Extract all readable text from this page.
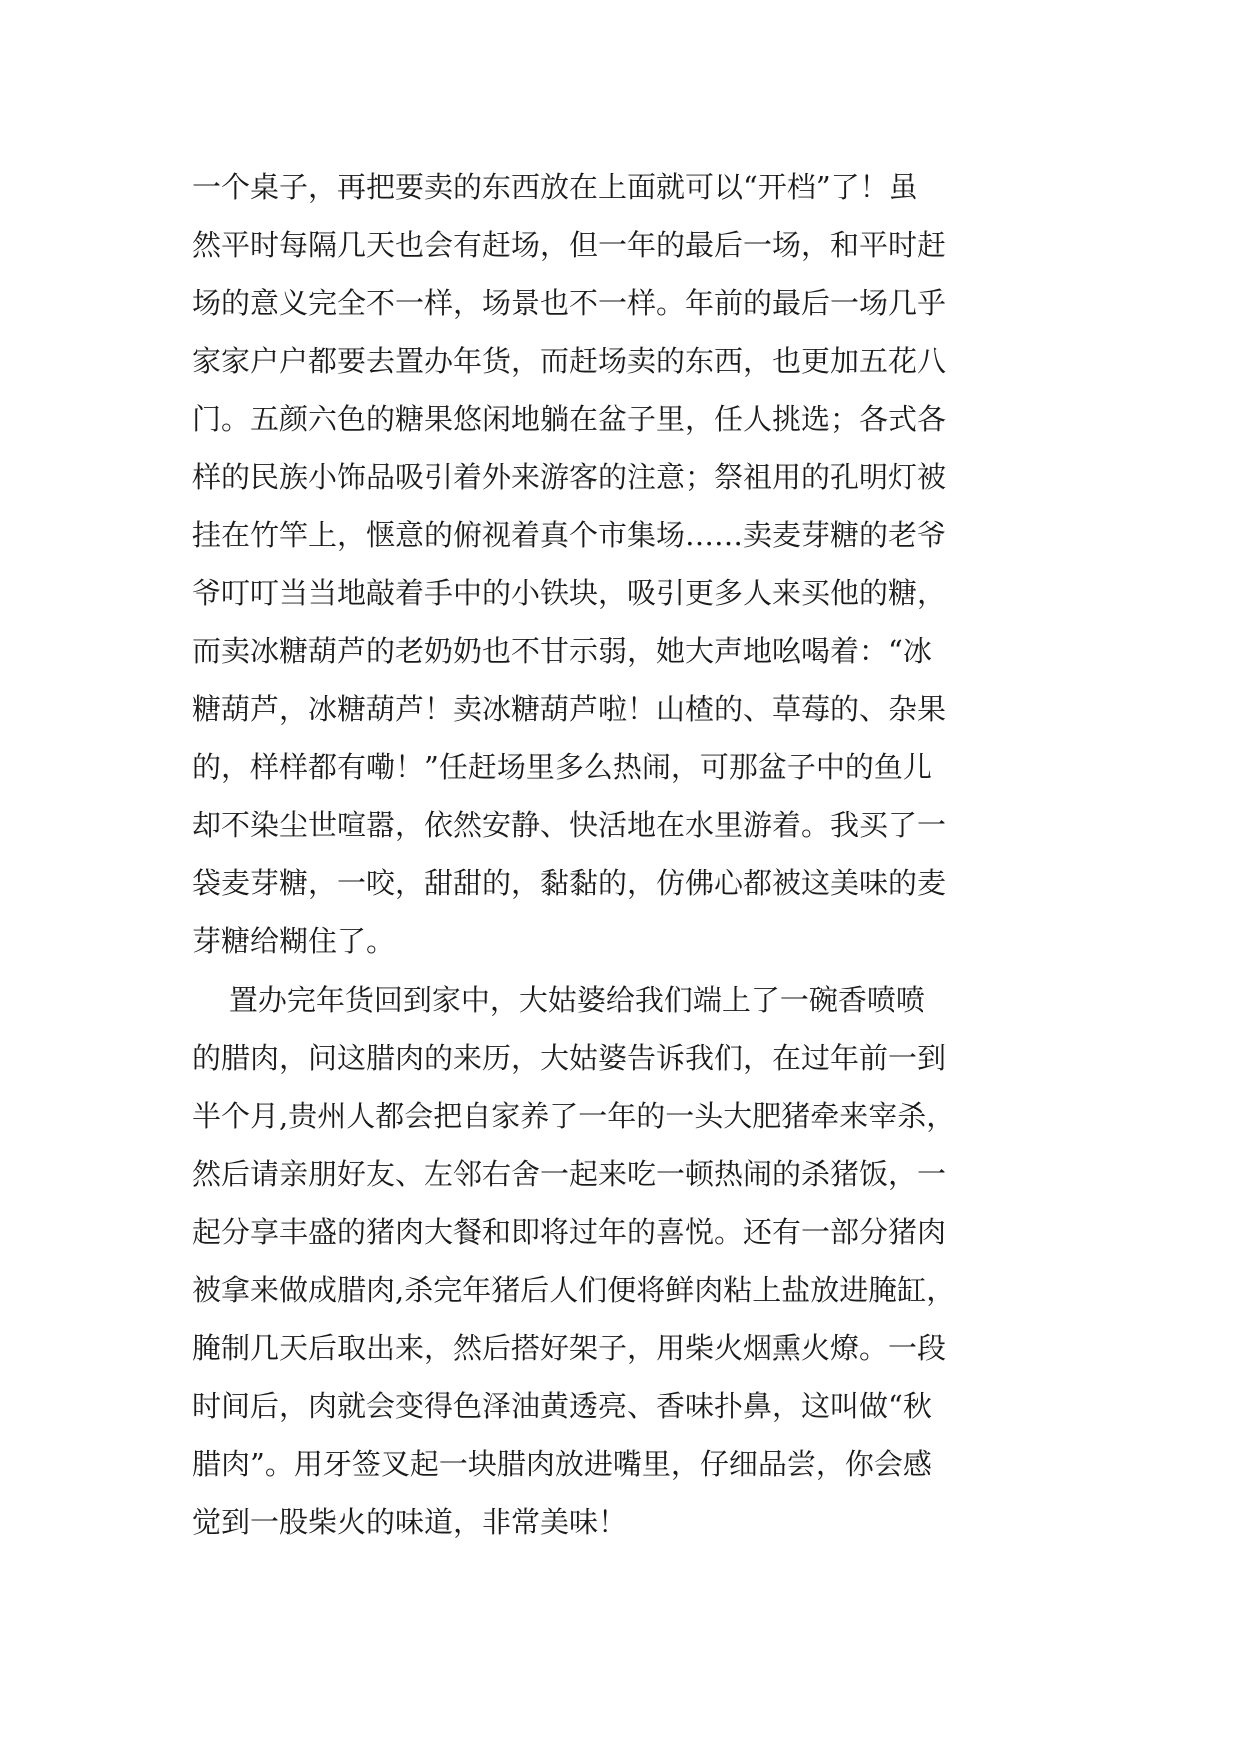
一个桌子，再把要卖的东西放在上面就可以“开档”了！虽
然平时每隔几天也会有赶场，但一年的最后一场，和平时赶
场的意义完全不一样，场景也不一样。年前的最后一场几乎
家家户户都要去置办年货，而赶场卖的东西，也更加五花八
门。五颜六色的糖果悠闲地躺在盆子里，任人挑选；各式各
样的民族小饰品吸引着外来游客的注意；祭祖用的孔明灯被
挂在竹竿上，惬意的俯视着真个市集场……卖麦芽糖的老爷
爷叮叮当当地敲着手中的小铁块，吸引更多人来买他的糖，
而卖冰糖葫芦的老奶奶也不甘示弱，她大声地吆喝着：“冰
糖葫芦，冰糖葫芦！卖冰糖葫芦啦！山楂的、草莓的、杂果
的，样样都有嘞！”任赶场里多么热闹，可那盆子中的鱼儿
却不染尘世喧嚣，依然安静、快活地在水里游着。我买了一
袋麦芽糖，一咬，甜甜的，黏黏的，仿佛心都被这美味的麦
芽糖给糊住了。
置办完年货回到家中，大姑婆给我们端上了一碗香喷喷
的腊肉，问这腊肉的来历，大姑婆告诉我们，在过年前一到
半个月,贵州人都会把自家养了一年的一头大肥猪牵来宰杀，
然后请亲朋好友、左邻右舍一起来吃一顿热闹的杀猪饭，一
起分享丰盛的猪肉大餐和即将过年的喜悦。还有一部分猪肉
被拿来做成腊肉,杀完年猪后人们便将鲜肉粘上盐放进腌缸，
腌制几天后取出来，然后搭好架子，用柴火烟熏火燎。一段
时间后，肉就会变得色泽油黄透亮、香味扑鼻，这叫做“秋
腊肉”。用牙签叉起一块腊肉放进嘴里，仔细品尝，你会感
觉到一股柴火的味道，非常美味！
